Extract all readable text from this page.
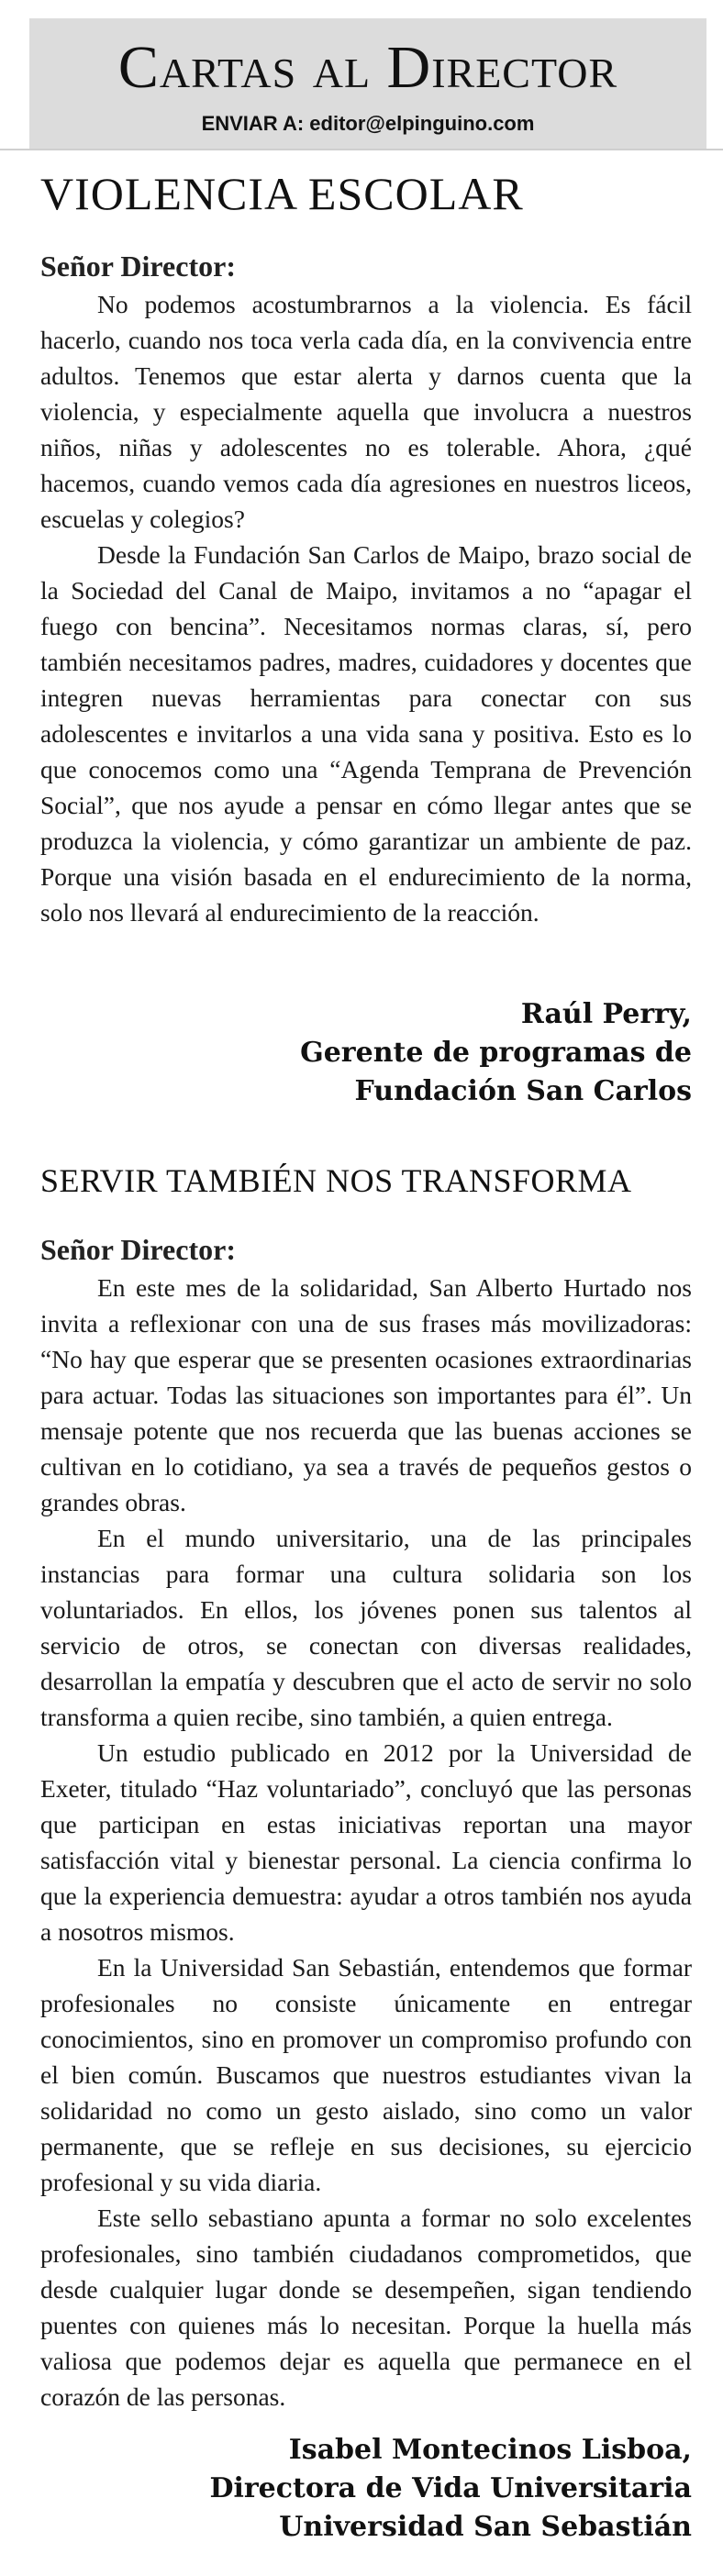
Cartas al Director
ENVIAR A: editor@elpinguino.com
VIOLENCIA ESCOLAR
Señor Director:

No podemos acostumbrarnos a la violencia. Es fácil hacerlo, cuando nos toca verla cada día, en la convivencia entre adultos. Tenemos que estar alerta y darnos cuenta que la violencia, y especialmente aquella que involucra a nuestros niños, niñas y adolescentes no es tolerable. Ahora, ¿qué hacemos, cuando vemos cada día agresiones en nuestros liceos, escuelas y colegios?

Desde la Fundación San Carlos de Maipo, brazo social de la Sociedad del Canal de Maipo, invitamos a no “apagar el fuego con bencina”. Necesitamos normas claras, sí, pero también necesitamos padres, madres, cuidadores y docentes que integren nuevas herramientas para conectar con sus adolescentes e invitarlos a una vida sana y positiva. Esto es lo que conocemos como una “Agenda Temprana de Prevención Social”, que nos ayude a pensar en cómo llegar antes que se produzca la violencia, y cómo garantizar un ambiente de paz. Porque una visión basada en el endurecimiento de la norma, solo nos llevará al endurecimiento de la reacción.

Raúl Perry,
Gerente de programas de
Fundación San Carlos
SERVIR TAMBIÉN NOS TRANSFORMA
Señor Director:

En este mes de la solidaridad, San Alberto Hurtado nos invita a reflexionar con una de sus frases más movilizadoras: “No hay que esperar que se presenten ocasiones extraordinarias para actuar. Todas las situaciones son importantes para él”. Un mensaje potente que nos recuerda que las buenas acciones se cultivan en lo cotidiano, ya sea a través de pequeños gestos o grandes obras.

En el mundo universitario, una de las principales instancias para formar una cultura solidaria son los voluntariados. En ellos, los jóvenes ponen sus talentos al servicio de otros, se conectan con diversas realidades, desarrollan la empatía y descubren que el acto de servir no solo transforma a quien recibe, sino también, a quien entrega.

Un estudio publicado en 2012 por la Universidad de Exeter, titulado “Haz voluntariado”, concluyó que las personas que participan en estas iniciativas reportan una mayor satisfacción vital y bienestar personal. La ciencia confirma lo que la experiencia demuestra: ayudar a otros también nos ayuda a nosotros mismos.

En la Universidad San Sebastián, entendemos que formar profesionales no consiste únicamente en entregar conocimientos, sino en promover un compromiso profundo con el bien común. Buscamos que nuestros estudiantes vivan la solidaridad no como un gesto aislado, sino como un valor permanente, que se refleje en sus decisiones, su ejercicio profesional y su vida diaria.

Este sello sebastiano apunta a formar no solo excelentes profesionales, sino también ciudadanos comprometidos, que desde cualquier lugar donde se desempeñen, sigan tendiendo puentes con quienes más lo necesitan. Porque la huella más valiosa que podemos dejar es aquella que permanece en el corazón de las personas.

Isabel Montecinos Lisboa,
Directora de Vida Universitaria
Universidad San Sebastián
